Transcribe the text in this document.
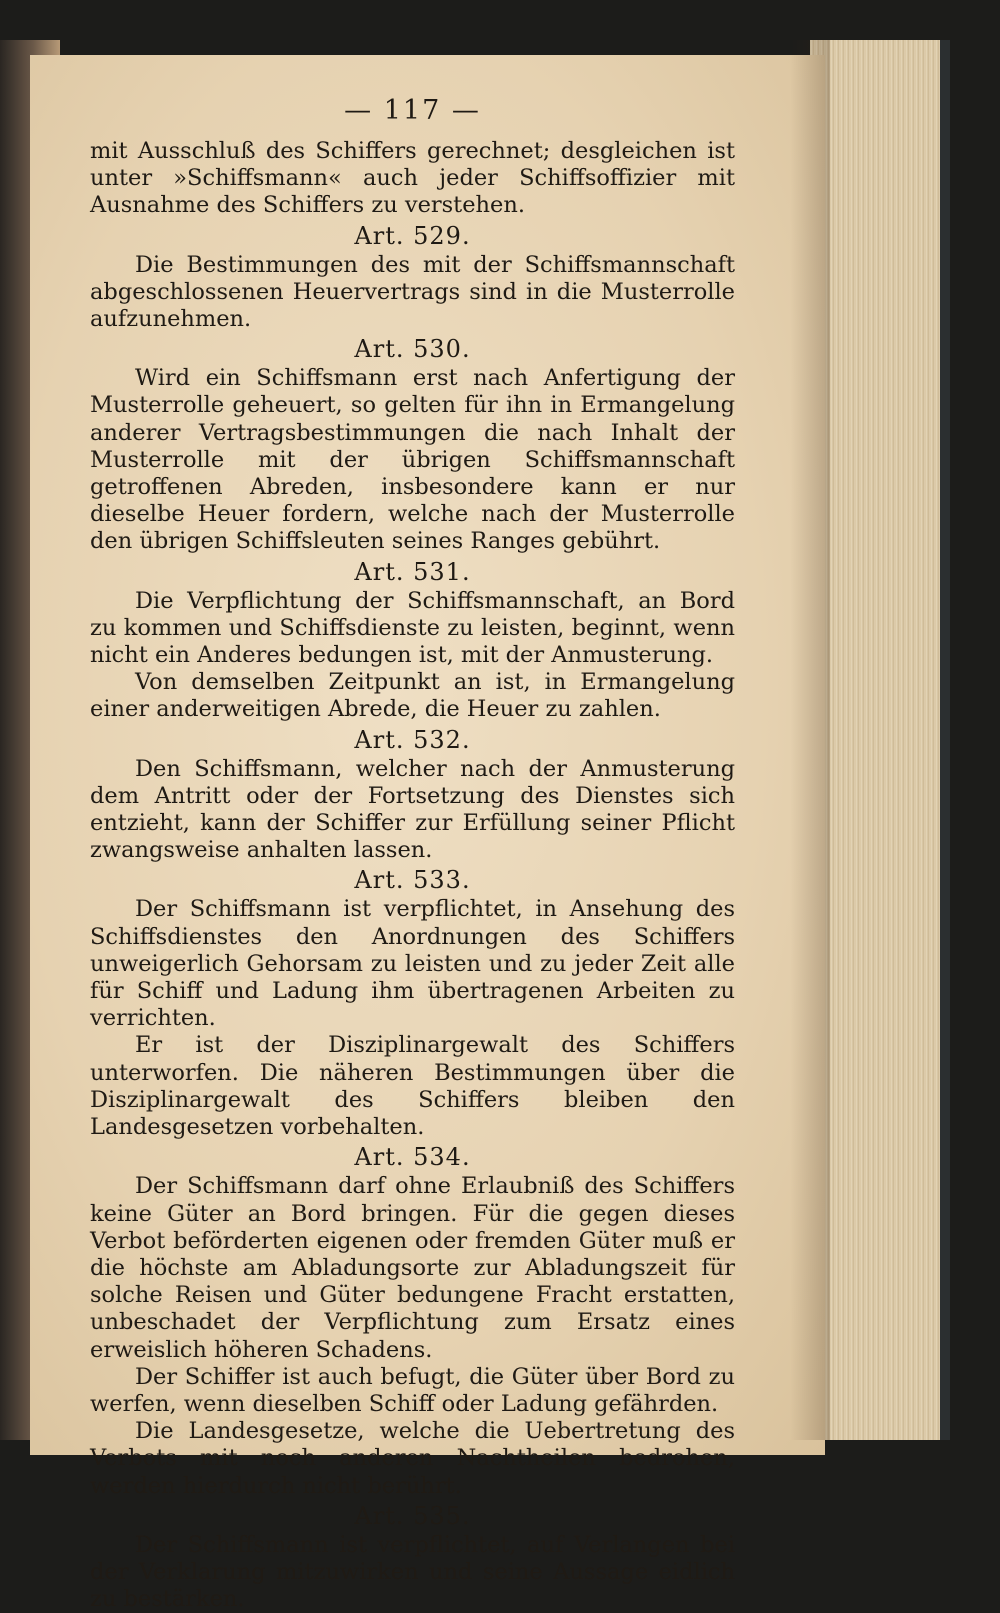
— 117 —

mit Ausschluß des Schiffers gerechnet; desgleichen ist unter »Schiffsmann« auch jeder Schiffsoffizier mit Ausnahme des Schiffers zu verstehen.

Art. 529.

Die Bestimmungen des mit der Schiffsmannschaft abgeschlossenen Heuervertrags sind in die Musterrolle aufzunehmen.

Art. 530.

Wird ein Schiffsmann erst nach Anfertigung der Musterrolle geheuert, so gelten für ihn in Ermangelung anderer Vertragsbestimmungen die nach Inhalt der Musterrolle mit der übrigen Schiffsmannschaft getroffenen Abreden, insbesondere kann er nur dieselbe Heuer fordern, welche nach der Musterrolle den übrigen Schiffsleuten seines Ranges gebührt.

Art. 531.

Die Verpflichtung der Schiffsmannschaft, an Bord zu kommen und Schiffsdienste zu leisten, beginnt, wenn nicht ein Anderes bedungen ist, mit der Anmusterung.

Von demselben Zeitpunkt an ist, in Ermangelung einer anderweitigen Abrede, die Heuer zu zahlen.

Art. 532.

Den Schiffsmann, welcher nach der Anmusterung dem Antritt oder der Fortsetzung des Dienstes sich entzieht, kann der Schiffer zur Erfüllung seiner Pflicht zwangsweise anhalten lassen.

Art. 533.

Der Schiffsmann ist verpflichtet, in Ansehung des Schiffsdienstes den Anordnungen des Schiffers unweigerlich Gehorsam zu leisten und zu jeder Zeit alle für Schiff und Ladung ihm übertragenen Arbeiten zu verrichten.

Er ist der Disziplinargewalt des Schiffers unterworfen. Die näheren Bestimmungen über die Disziplinargewalt des Schiffers bleiben den Landesgesetzen vorbehalten.

Art. 534.

Der Schiffsmann darf ohne Erlaubniß des Schiffers keine Güter an Bord bringen. Für die gegen dieses Verbot beförderten eigenen oder fremden Güter muß er die höchste am Abladungsorte zur Abladungszeit für solche Reisen und Güter bedungene Fracht erstatten, unbeschadet der Verpflichtung zum Ersatz eines erweislich höheren Schadens.

Der Schiffer ist auch befugt, die Güter über Bord zu werfen, wenn dieselben Schiff oder Ladung gefährden.

Die Landesgesetze, welche die Uebertretung des Verbots mit noch anderen Nachtheilen bedrohen, werden hierdurch nicht berührt.

Art. 535.

Der Schiffsmann ist verpflichtet, auf Verlangen bei der Verklarung mitzuwirken und seine Aussage eidlich zu bestärken.
